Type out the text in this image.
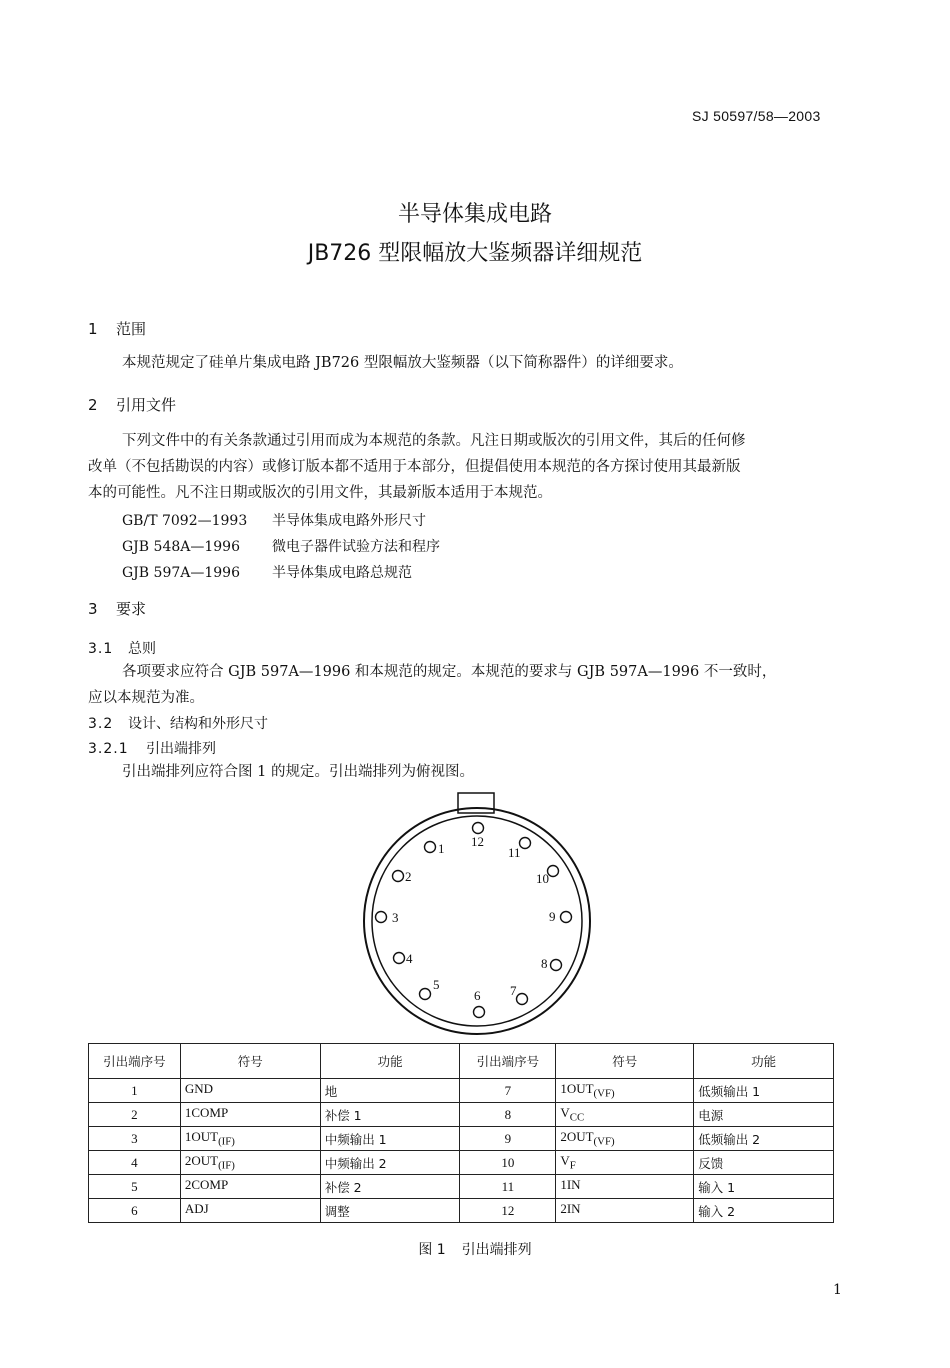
SJ 50597/58—2003
半导体集成电路
JB726 型限幅放大鉴频器详细规范
1 范围
本规范规定了硅单片集成电路 JB726 型限幅放大鉴频器（以下简称器件）的详细要求。
2 引用文件
下列文件中的有关条款通过引用而成为本规范的条款。凡注日期或版次的引用文件，其后的任何修
改单（不包括勘误的内容）或修订版本都不适用于本部分，但提倡使用本规范的各方探讨使用其最新版
本的可能性。凡不注日期或版次的引用文件，其最新版本适用于本规范。
GB/T 7092—1993 半导体集成电路外形尺寸
GJB 548A—1996 微电子器件试验方法和程序
GJB 597A—1996 半导体集成电路总规范
3 要求
3.1 总则
各项要求应符合 GJB 597A—1996 和本规范的规定。本规范的要求与 GJB 597A—1996 不一致时，
应以本规范为准。
3.2 设计、结构和外形尺寸
3.2.1 引出端排列
引出端排列应符合图 1 的规定。引出端排列为俯视图。
1
2
3
4
5
6 7
8
9
10
11
12
引出端序号	符号	功能	引出端序号	符号	功能
1	GND	地	7	$1OUT_{(VF)}$	低频输出 1
2	1COMP	补偿 1	8	$V_{CC}$	电源
3	$1OUT_{(IF)}$	中频输出 1	9	$2OUT_{(VF)}$	低频输出 2
4	$2OUT_{(IF)}$	中频输出 2	10	$V_F$	反馈
5	2COMP	补偿 2	11	1IN	输入 1
6	ADJ	调整	12	2IN	输入 2
图 1 引出端排列
1
